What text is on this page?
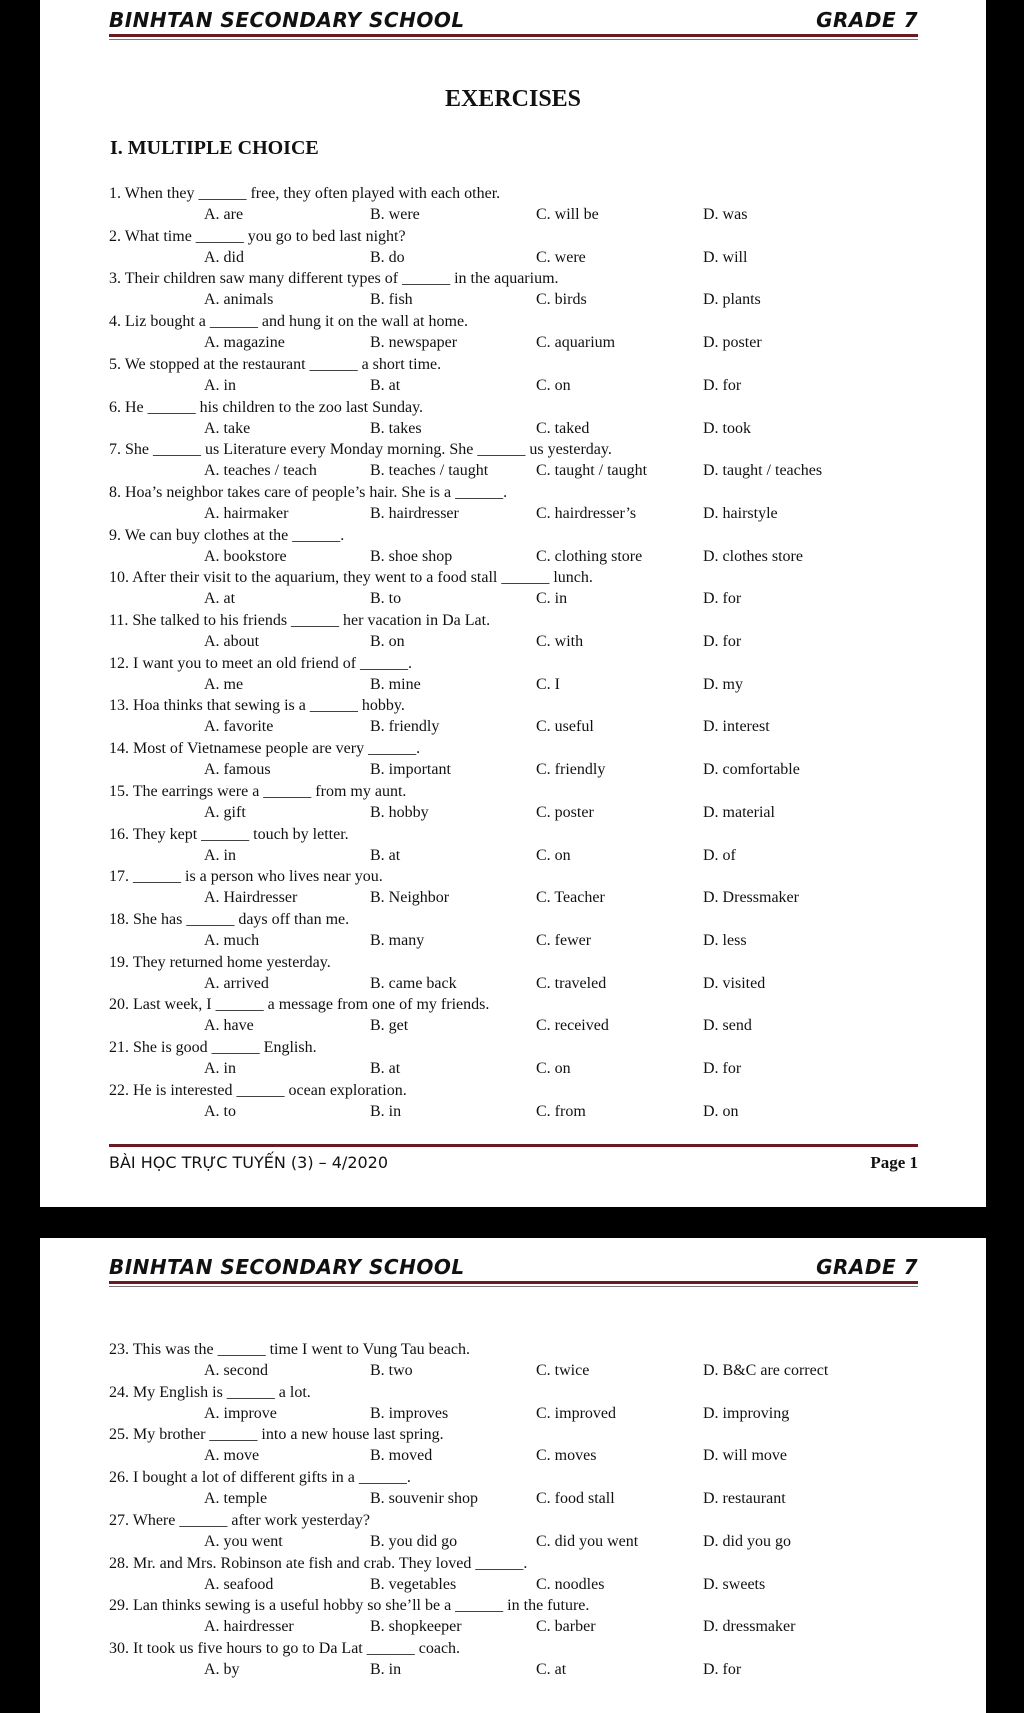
BINHTAN SECONDARY SCHOOL	GRADE 7
EXERCISES
I. MULTIPLE CHOICE
1. When they ______ free, they often played with each other.
A. are	B. were	C. will be	D. was
2. What time ______ you go to bed last night?
A. did	B. do	C. were	D. will
3. Their children saw many different types of ______ in the aquarium.
A. animals	B. fish	C. birds	D. plants
4. Liz bought a ______ and hung it on the wall at home.
A. magazine	B. newspaper	C. aquarium	D. poster
5. We stopped at the restaurant ______ a short time.
A. in	B. at	C. on	D. for
6. He ______ his children to the zoo last Sunday.
A. take	B. takes	C. taked	D. took
7. She ______ us Literature every Monday morning. She ______ us yesterday.
A. teaches / teach	B. teaches / taught	C. taught / taught	D. taught / teaches
8. Hoa’s neighbor takes care of people’s hair. She is a ______.
A. hairmaker	B. hairdresser	C. hairdresser’s	D. hairstyle
9. We can buy clothes at the ______.
A. bookstore	B. shoe shop	C. clothing store	D. clothes store
10. After their visit to the aquarium, they went to a food stall ______ lunch.
A. at	B. to	C. in	D. for
11. She talked to his friends ______ her vacation in Da Lat.
A. about	B. on	C. with	D. for
12. I want you to meet an old friend of ______.
A. me	B. mine	C. I	D. my
13. Hoa thinks that sewing is a ______ hobby.
A. favorite	B. friendly	C. useful	D. interest
14. Most of Vietnamese people are very ______.
A. famous	B. important	C. friendly	D. comfortable
15. The earrings were a ______ from my aunt.
A. gift	B. hobby	C. poster	D. material
16. They kept ______ touch by letter.
A. in	B. at	C. on	D. of
17. ______ is a person who lives near you.
A. Hairdresser	B. Neighbor	C. Teacher	D. Dressmaker
18. She has ______ days off than me.
A. much	B. many	C. fewer	D. less
19. They returned home yesterday.
A. arrived	B. came back	C. traveled	D. visited
20. Last week, I ______ a message from one of my friends.
A. have	B. get	C. received	D. send
21. She is good ______ English.
A. in	B. at	C. on	D. for
22. He is interested ______ ocean exploration.
A. to	B. in	C. from	D. on
BÀI HỌC TRỰC TUYẾN (3) – 4/2020	Page 1
BINHTAN SECONDARY SCHOOL	GRADE 7
23. This was the ______ time I went to Vung Tau beach.
A. second	B. two	C. twice	D. B&C are correct
24. My English is ______ a lot.
A. improve	B. improves	C. improved	D. improving
25. My brother ______ into a new house last spring.
A. move	B. moved	C. moves	D. will move
26. I bought a lot of different gifts in a ______.
A. temple	B. souvenir shop	C. food stall	D. restaurant
27. Where ______ after work yesterday?
A. you went	B. you did go	C. did you went	D. did you go
28. Mr. and Mrs. Robinson ate fish and crab. They loved ______.
A. seafood	B. vegetables	C. noodles	D. sweets
29. Lan thinks sewing is a useful hobby so she’ll be a ______ in the future.
A. hairdresser	B. shopkeeper	C. barber	D. dressmaker
30. It took us five hours to go to Da Lat ______ coach.
A. by	B. in	C. at	D. for
